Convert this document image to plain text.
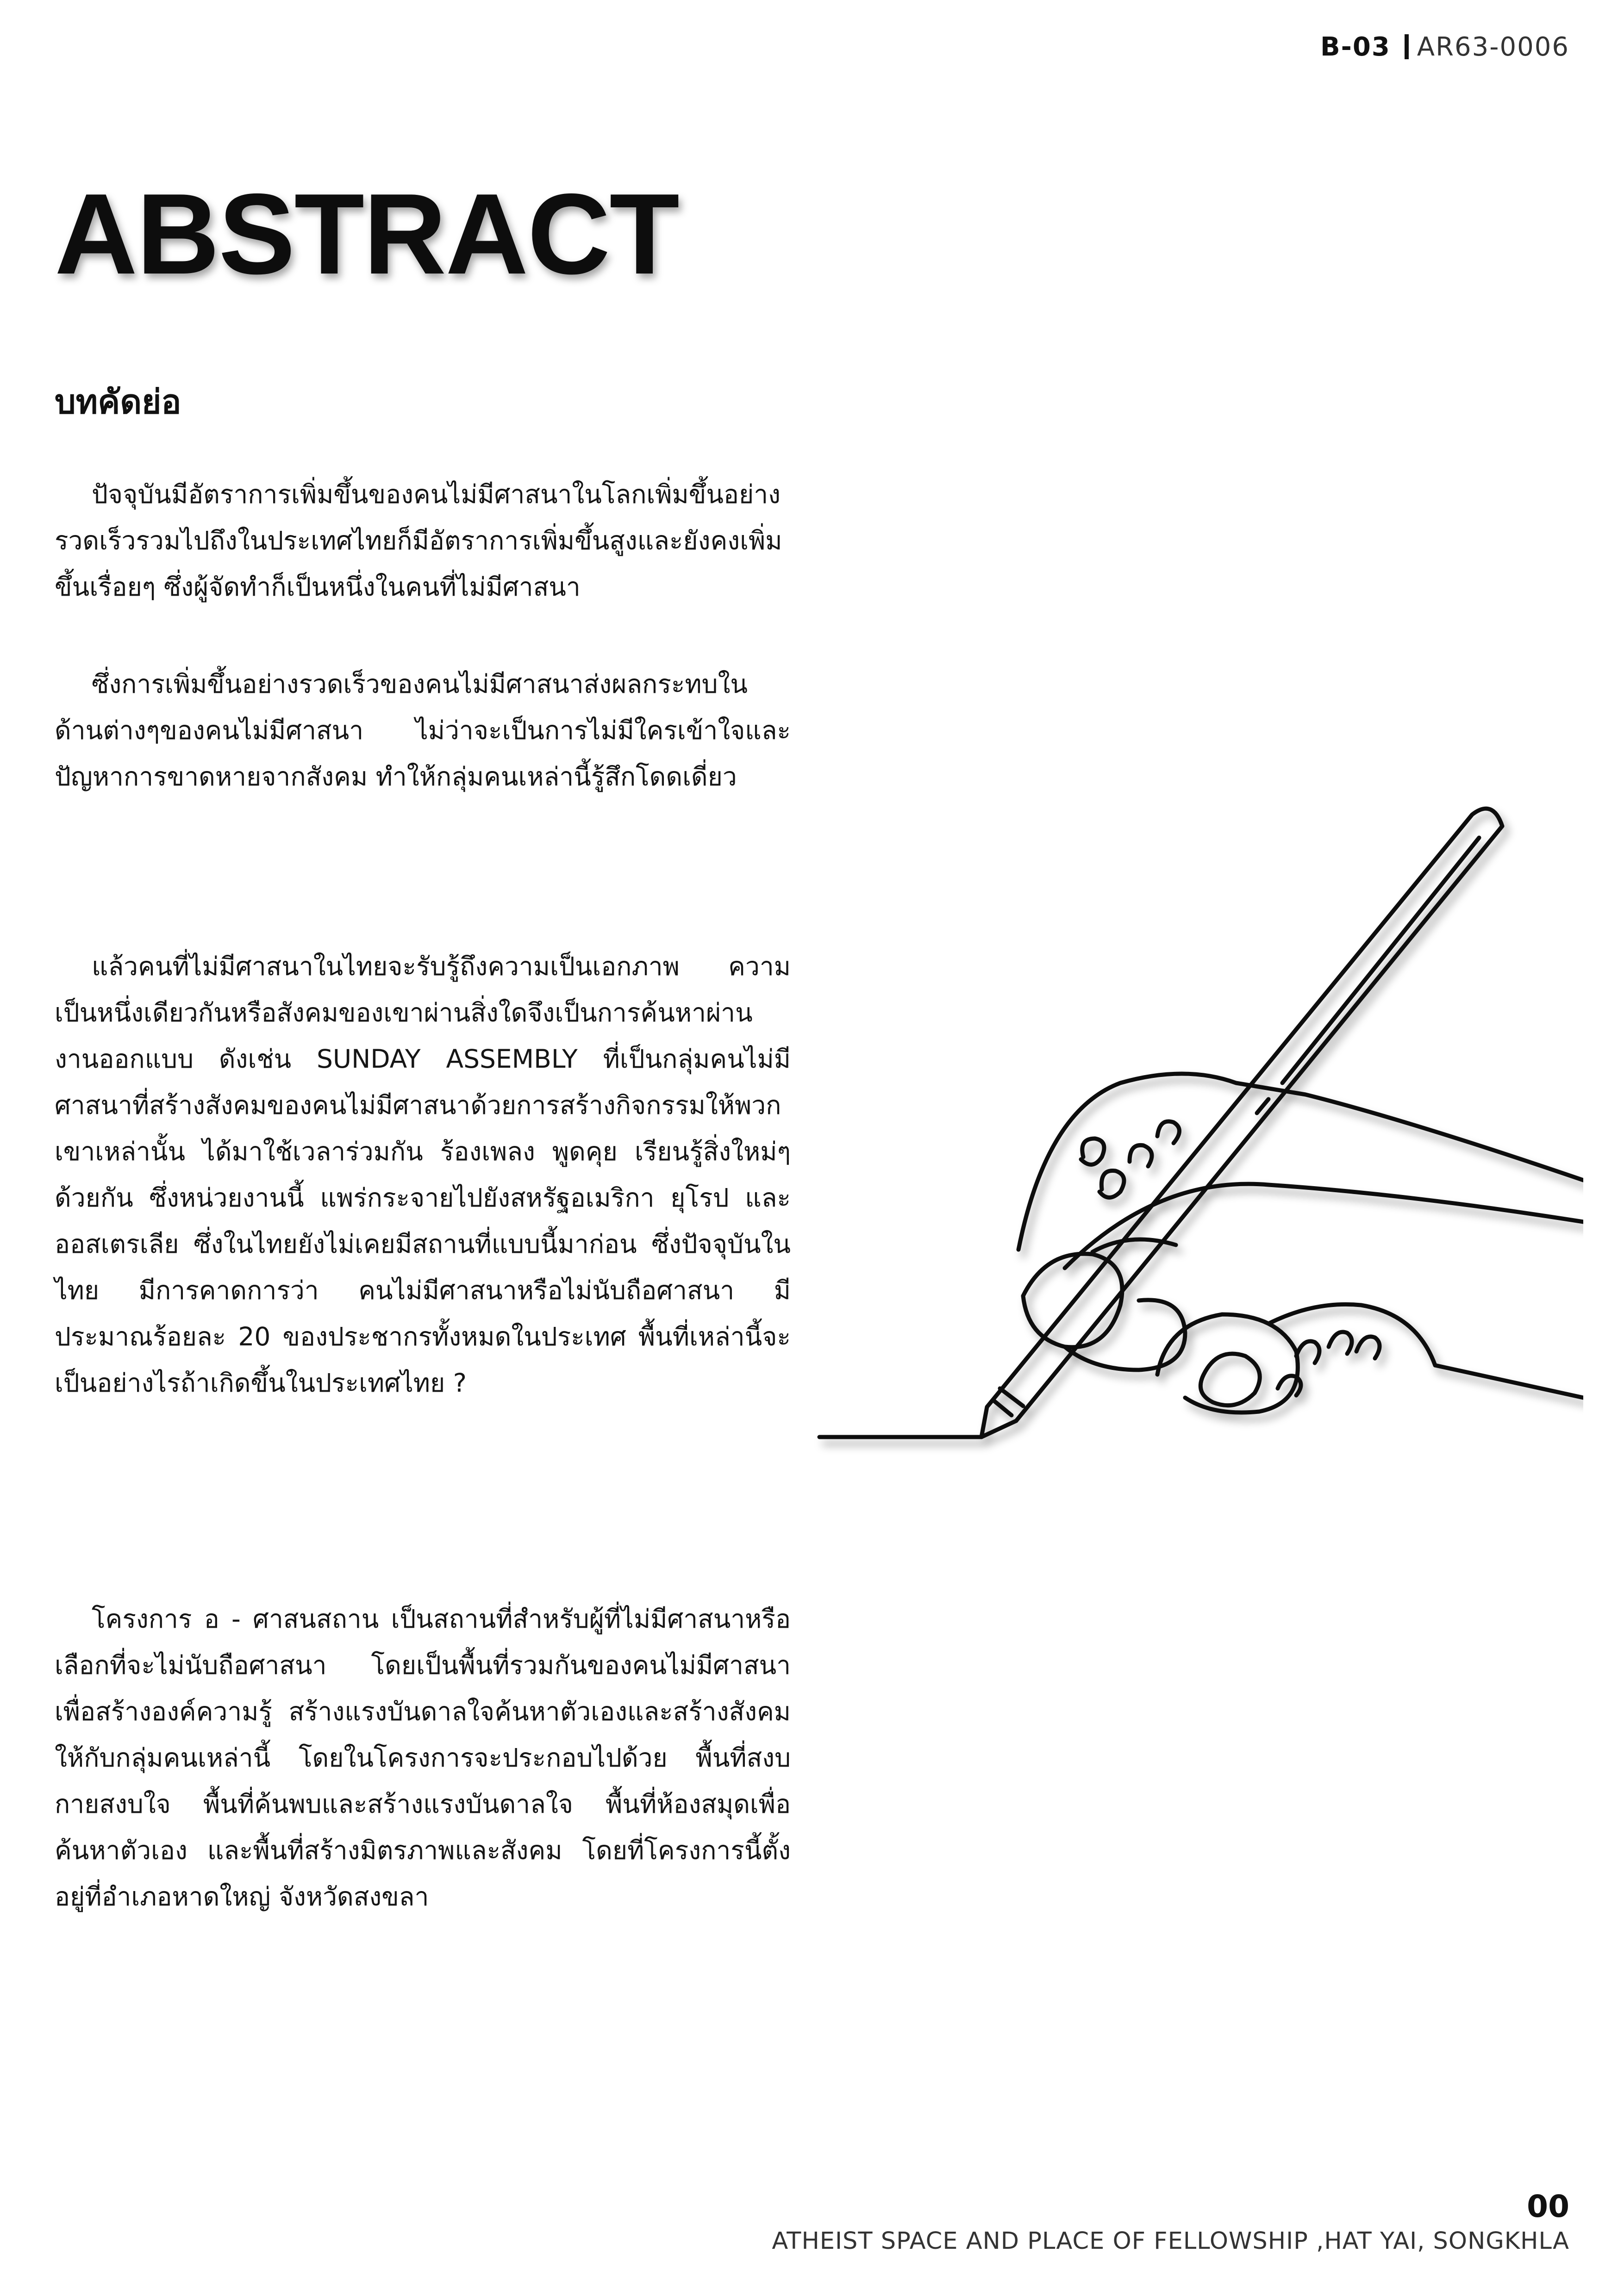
B-03 AR63-0006
ABSTRACT
บทคัดย่อ

ปัจจุบันมีอัตราการเพิ่มขึ้นของคนไม่มีศาสนาในโลกเพิ่มขึ้นอย่างรวดเร็วรวมไปถึงในประเทศไทยก็มีอัตราการเพิ่มขึ้นสูงและยังคงเพิ่มขึ้นเรื่อยๆ ซึ่งผู้จัดทำก็เป็นหนึ่งในคนที่ไม่มีศาสนา

ซึ่งการเพิ่มขึ้นอย่างรวดเร็วของคนไม่มีศาสนาส่งผลกระทบในด้านต่างๆของคนไม่มีศาสนา ไม่ว่าจะเป็นการไม่มีใครเข้าใจและปัญหาการขาดหายจากสังคม ทำให้กลุ่มคนเหล่านี้รู้สึกโดดเดี่ยว

แล้วคนที่ไม่มีศาสนาในไทยจะรับรู้ถึงความเป็นเอกภาพ ความเป็นหนึ่งเดียวกันหรือสังคมของเขาผ่านสิ่งใดจึงเป็นการค้นหาผ่านงานออกแบบ ดังเช่น SUNDAY ASSEMBLY ที่เป็นกลุ่มคนไม่มีศาสนาที่สร้างสังคมของคนไม่มีศาสนาด้วยการสร้างกิจกรรมให้พวกเขาเหล่านั้น ได้มาใช้เวลาร่วมกัน ร้องเพลง พูดคุย เรียนรู้สิ่งใหม่ๆด้วยกัน ซึ่งหน่วยงานนี้ แพร่กระจายไปยังสหรัฐอเมริกา ยุโรป และออสเตรเลีย ซึ่งในไทยยังไม่เคยมีสถานที่แบบนี้มาก่อน ซึ่งปัจจุบันในไทย มีการคาดการว่า คนไม่มีศาสนาหรือไม่นับถือศาสนา มีประมาณร้อยละ 20 ของประชากรทั้งหมดในประเทศ พื้นที่เหล่านี้จะเป็นอย่างไรถ้าเกิดขึ้นในประเทศไทย ?

โครงการ อ - ศาสนสถาน เป็นสถานที่สำหรับผู้ที่ไม่มีศาสนาหรือเลือกที่จะไม่นับถือศาสนา โดยเป็นพื้นที่รวมกันของคนไม่มีศาสนา เพื่อสร้างองค์ความรู้ สร้างแรงบันดาลใจค้นหาตัวเองและสร้างสังคมให้กับกลุ่มคนเหล่านี้ โดยในโครงการจะประกอบไปด้วย พื้นที่สงบกายสงบใจ พื้นที่ค้นพบและสร้างแรงบันดาลใจ พื้นที่ห้องสมุดเพื่อค้นหาตัวเอง และพื้นที่สร้างมิตรภาพและสังคม โดยที่โครงการนี้ตั้งอยู่ที่อำเภอหาดใหญ่ จังหวัดสงขลา

00
ATHEIST SPACE AND PLACE OF FELLOWSHIP ,HAT YAI, SONGKHLA
